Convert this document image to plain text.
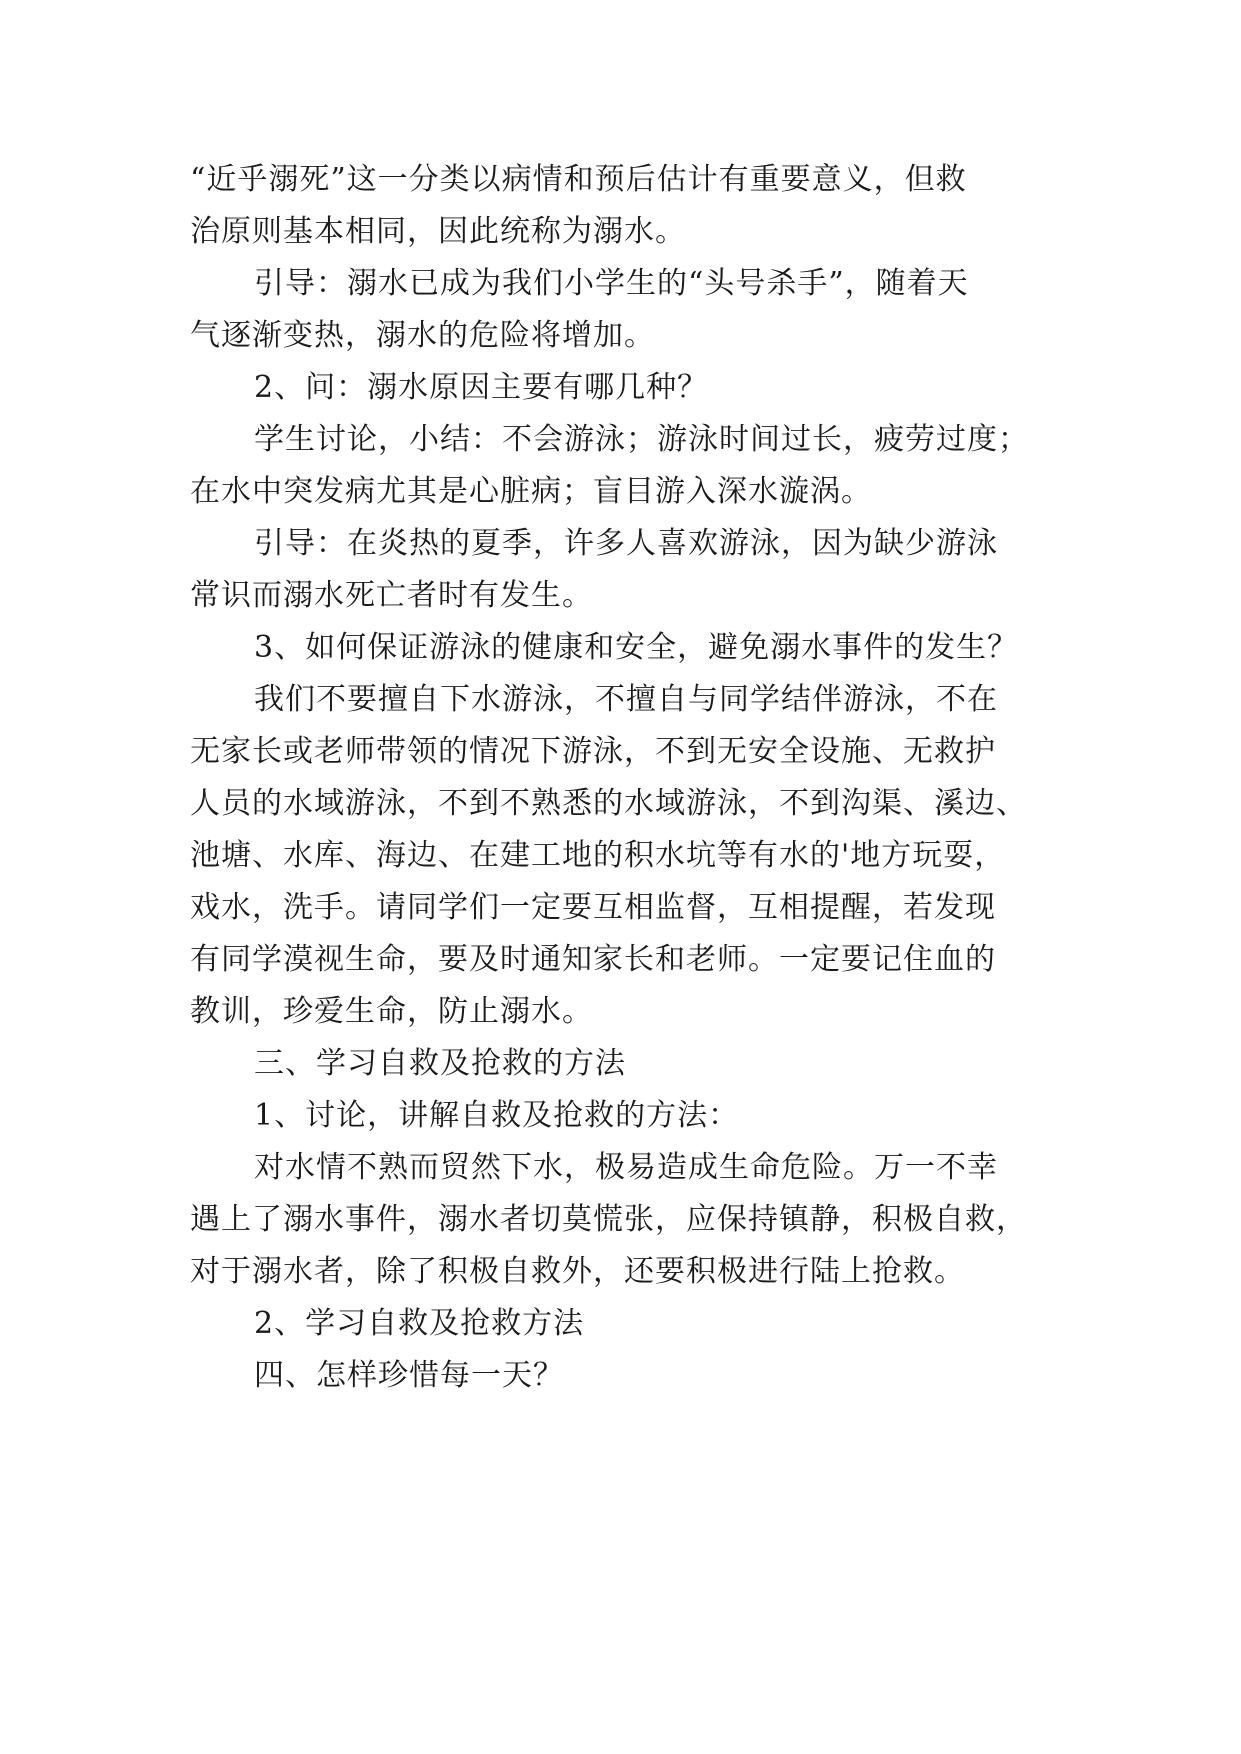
“近乎溺死”这一分类以病情和预后估计有重要意义，但救
治原则基本相同，因此统称为溺水。
引导：溺水已成为我们小学生的“头号杀手”，随着天
气逐渐变热，溺水的危险将增加。
2、问：溺水原因主要有哪几种？
学生讨论，小结：不会游泳；游泳时间过长，疲劳过度；
在水中突发病尤其是心脏病；盲目游入深水漩涡。
引导：在炎热的夏季，许多人喜欢游泳，因为缺少游泳
常识而溺水死亡者时有发生。
3、如何保证游泳的健康和安全，避免溺水事件的发生？
我们不要擅自下水游泳，不擅自与同学结伴游泳，不在
无家长或老师带领的情况下游泳，不到无安全设施、无救护
人员的水域游泳，不到不熟悉的水域游泳，不到沟渠、溪边、
池塘、水库、海边、在建工地的积水坑等有水的'地方玩耍，
戏水，洗手。请同学们一定要互相监督，互相提醒，若发现
有同学漠视生命，要及时通知家长和老师。一定要记住血的
教训，珍爱生命，防止溺水。
三、学习自救及抢救的方法
1、讨论，讲解自救及抢救的方法：
对水情不熟而贸然下水，极易造成生命危险。万一不幸
遇上了溺水事件，溺水者切莫慌张，应保持镇静，积极自救，
对于溺水者，除了积极自救外，还要积极进行陆上抢救。
2、学习自救及抢救方法
四、怎样珍惜每一天？
